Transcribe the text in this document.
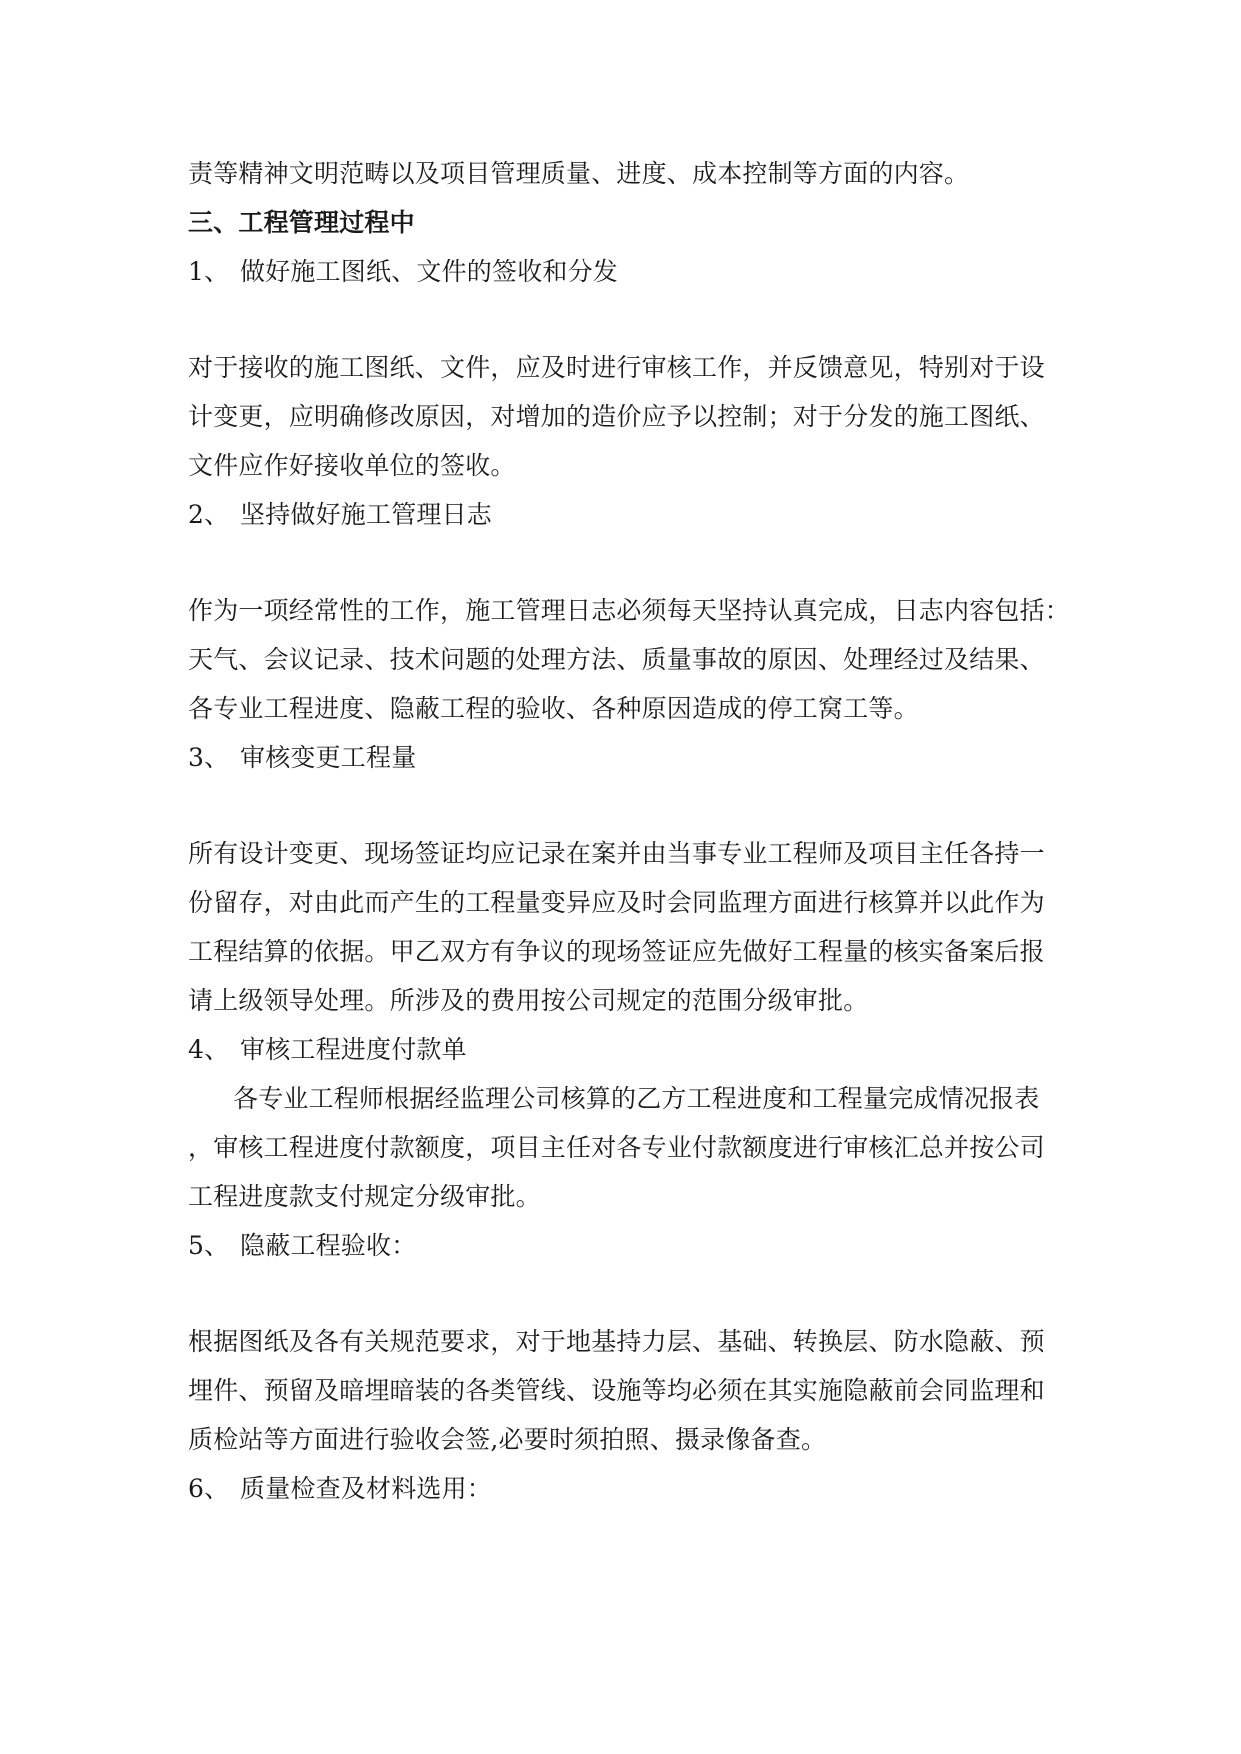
责等精神文明范畴以及项目管理质量、进度、成本控制等方面的内容。
三、工程管理过程中
1、 做好施工图纸、文件的签收和分发
对于接收的施工图纸、文件，应及时进行审核工作，并反馈意见，特别对于设
计变更，应明确修改原因，对增加的造价应予以控制；对于分发的施工图纸、
文件应作好接收单位的签收。
2、 坚持做好施工管理日志
作为一项经常性的工作，施工管理日志必须每天坚持认真完成，日志内容包括：
天气、会议记录、技术问题的处理方法、质量事故的原因、处理经过及结果、
各专业工程进度、隐蔽工程的验收、各种原因造成的停工窝工等。
3、 审核变更工程量
所有设计变更、现场签证均应记录在案并由当事专业工程师及项目主任各持一
份留存，对由此而产生的工程量变异应及时会同监理方面进行核算并以此作为
工程结算的依据。甲乙双方有争议的现场签证应先做好工程量的核实备案后报
请上级领导处理。所涉及的费用按公司规定的范围分级审批。
4、 审核工程进度付款单
各专业工程师根据经监理公司核算的乙方工程进度和工程量完成情况报表
，审核工程进度付款额度，项目主任对各专业付款额度进行审核汇总并按公司
工程进度款支付规定分级审批。
5、 隐蔽工程验收：
根据图纸及各有关规范要求，对于地基持力层、基础、转换层、防水隐蔽、预
埋件、预留及暗埋暗装的各类管线、设施等均必须在其实施隐蔽前会同监理和
质检站等方面进行验收会签,必要时须拍照、摄录像备查。
6、 质量检查及材料选用：
